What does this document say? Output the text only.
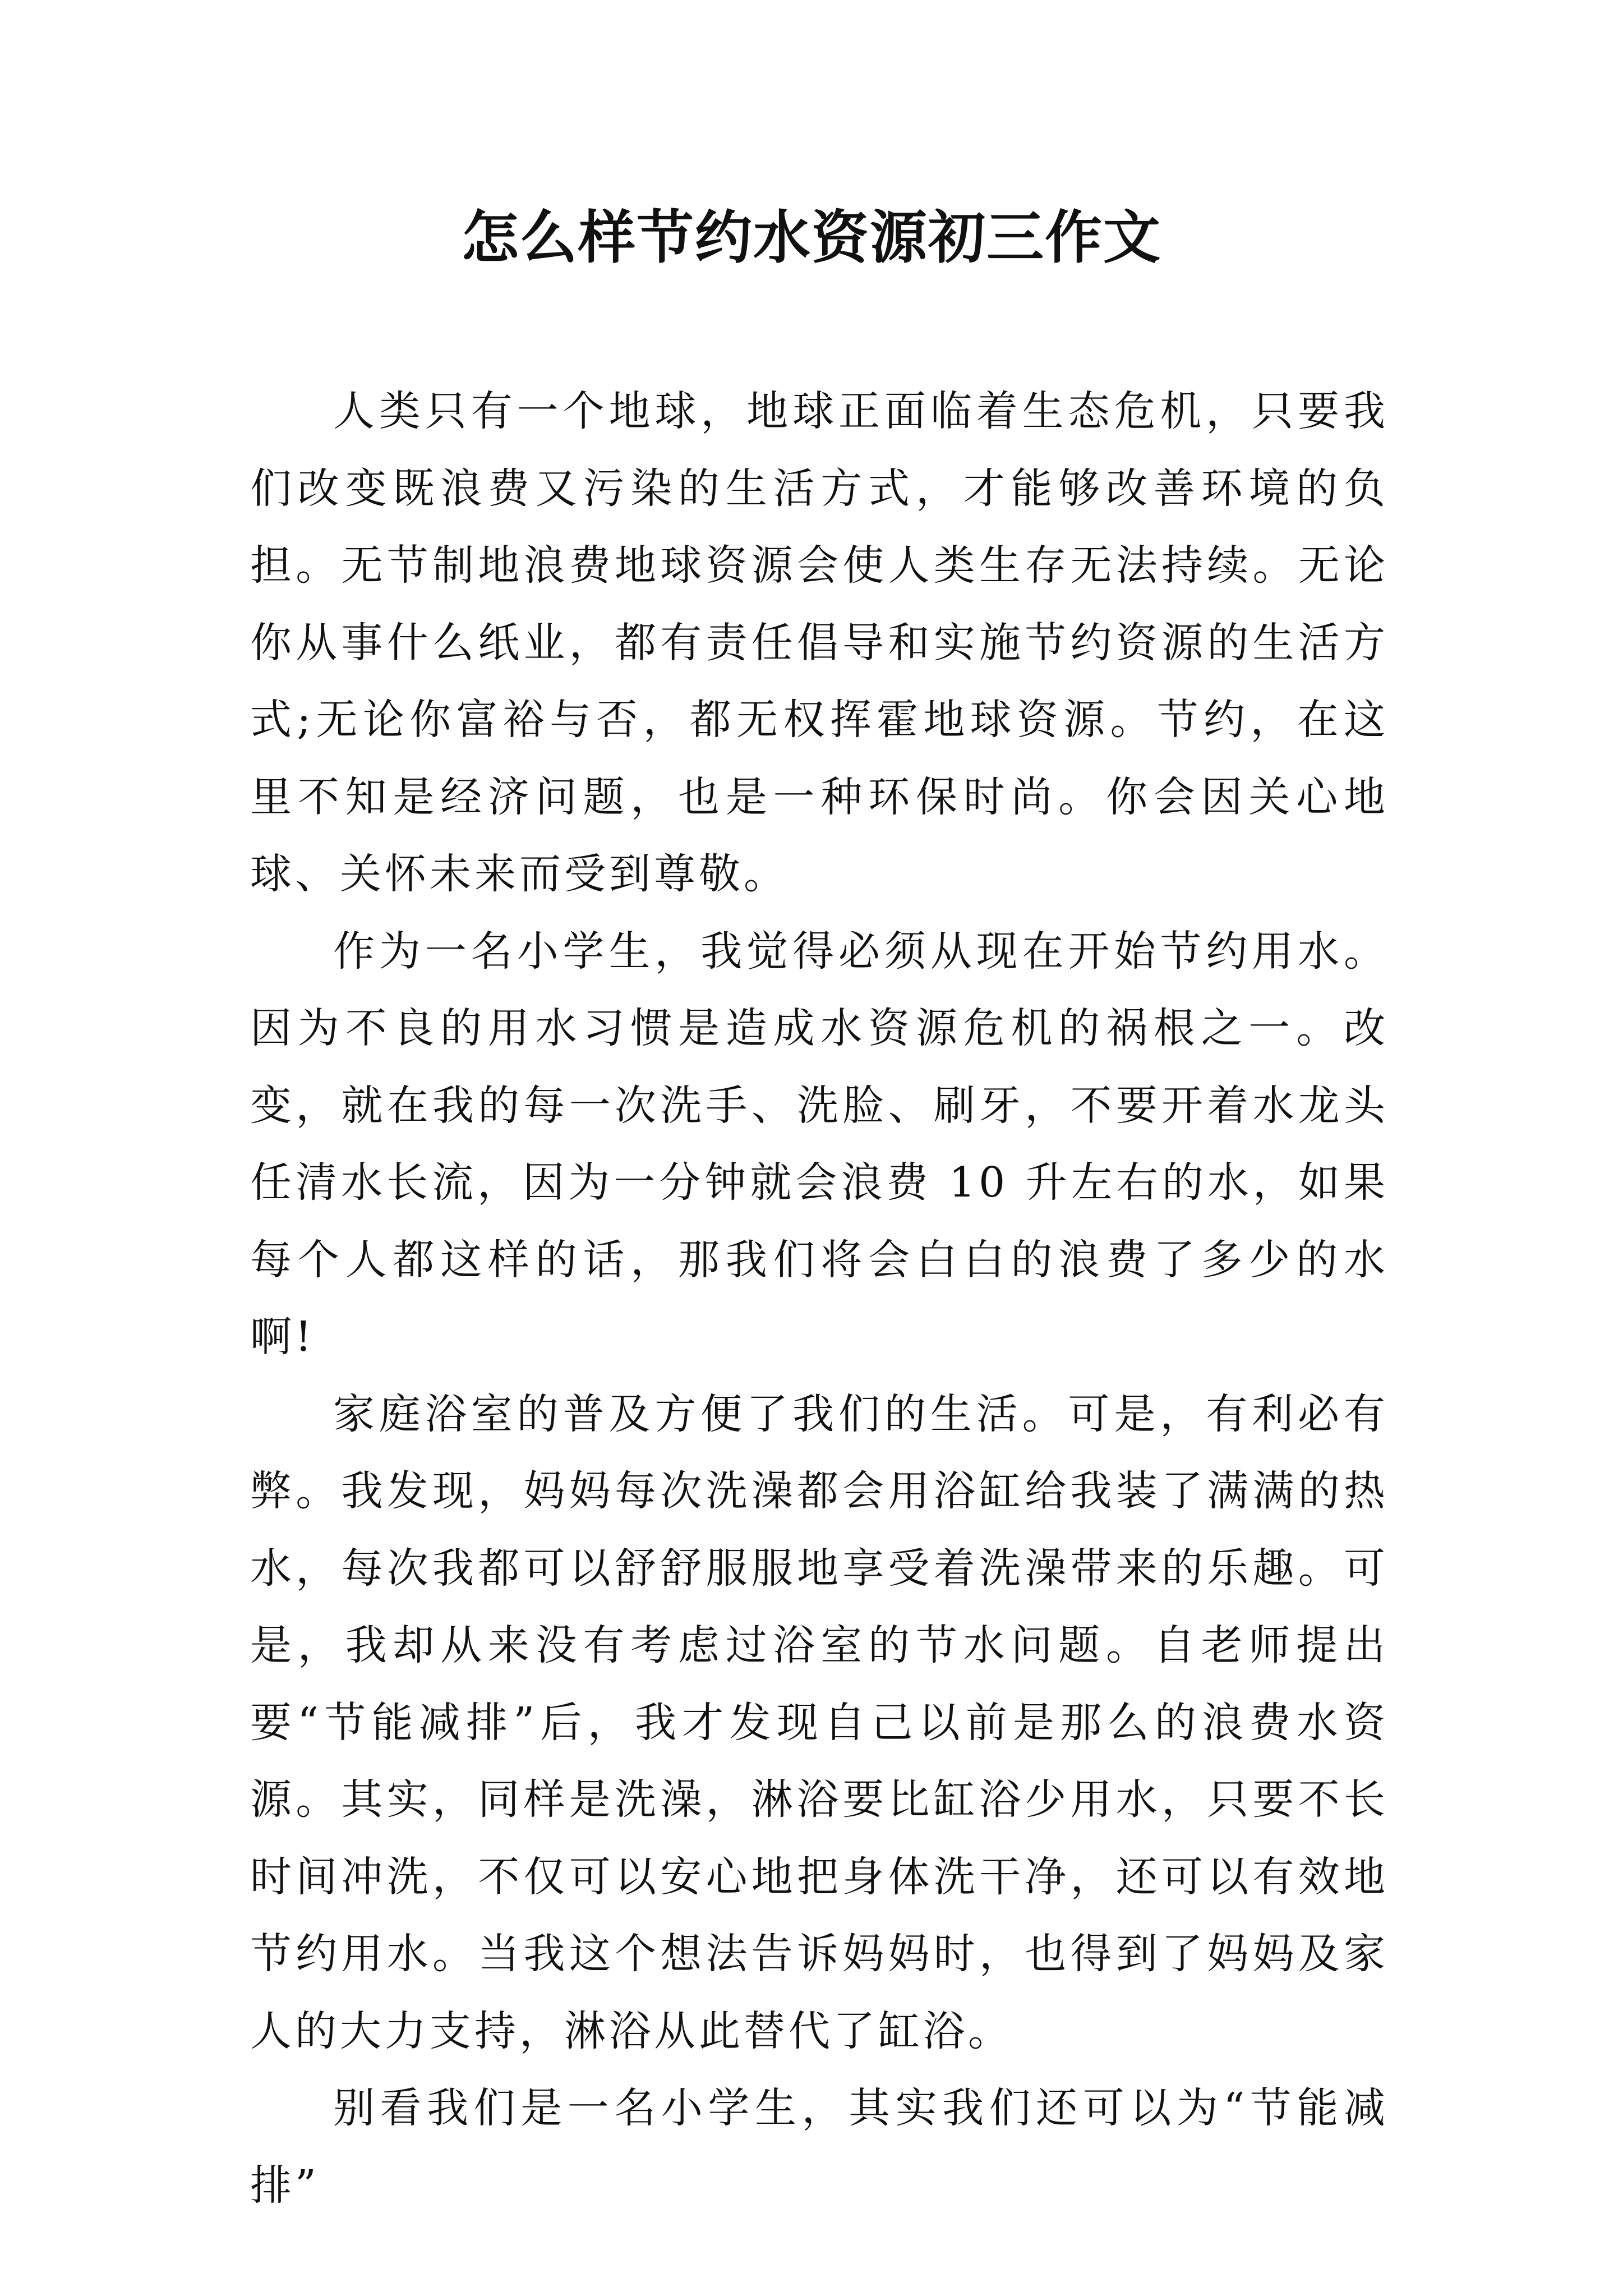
怎么样节约水资源初三作文

人类只有一个地球，地球正面临着生态危机，只要我们改变既浪费又污染的生活方式，才能够改善环境的负担。无节制地浪费地球资源会使人类生存无法持续。无论你从事什么纸业，都有责任倡导和实施节约资源的生活方式;无论你富裕与否，都无权挥霍地球资源。节约，在这里不知是经济问题，也是一种环保时尚。你会因关心地球、关怀未来而受到尊敬。

作为一名小学生，我觉得必须从现在开始节约用水。因为不良的用水习惯是造成水资源危机的祸根之一。改变，就在我的每一次洗手、洗脸、刷牙，不要开着水龙头任清水长流，因为一分钟就会浪费 10 升左右的水，如果每个人都这样的话，那我们将会白白的浪费了多少的水啊!

家庭浴室的普及方便了我们的生活。可是，有利必有弊。我发现，妈妈每次洗澡都会用浴缸给我装了满满的热水，每次我都可以舒舒服服地享受着洗澡带来的乐趣。可是，我却从来没有考虑过浴室的节水问题。自老师提出要“节能减排”后，我才发现自己以前是那么的浪费水资源。其实，同样是洗澡，淋浴要比缸浴少用水，只要不长时间冲洗，不仅可以安心地把身体洗干净，还可以有效地节约用水。当我这个想法告诉妈妈时，也得到了妈妈及家人的大力支持，淋浴从此替代了缸浴。

别看我们是一名小学生，其实我们还可以为“节能减排”
